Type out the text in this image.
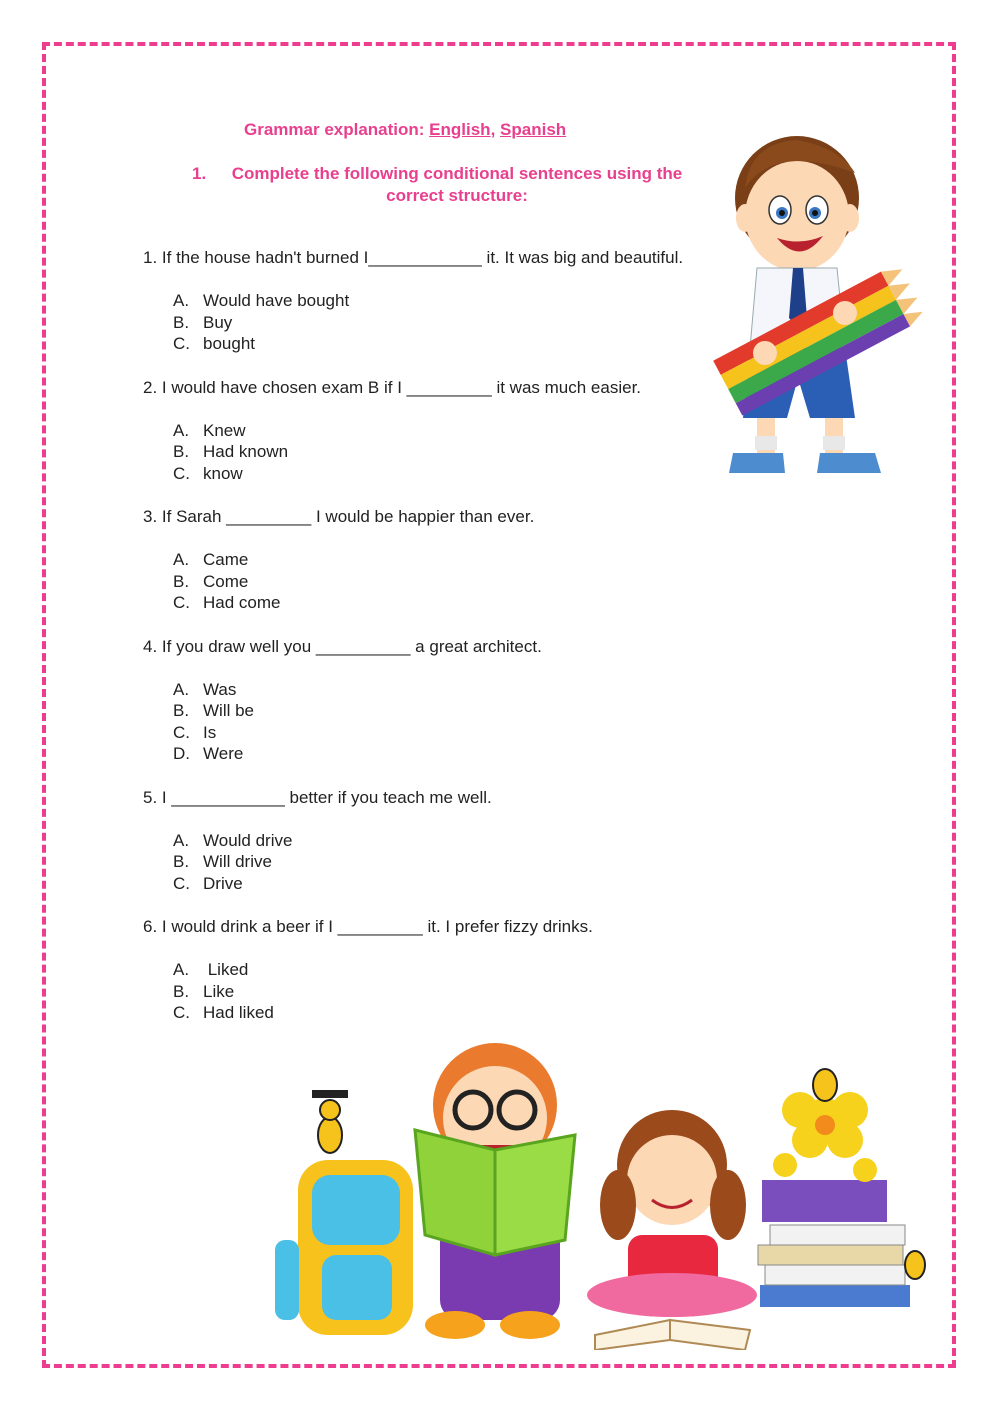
Grammar explanation: English, Spanish
1.	Complete the following conditional sentences using the correct structure:

1. If the house hadn't burned I____________ it. It was big and beautiful.

A. Would have bought
B. Buy
C. bought

2. I would have chosen exam B if I _________ it was much easier.

A. Knew
B. Had known
C. know

3. If Sarah _________ I would be happier than ever.

A. Came
B. Come
C. Had come

4. If you draw well you __________ a great architect.

A. Was
B. Will be
C. Is
D. Were

5. I ____________ better if you teach me well.

A. Would drive
B. Will drive
C. Drive

6. I would drink a beer if I _________ it. I prefer fizzy drinks.

A. Liked
B. Like
C. Had liked
